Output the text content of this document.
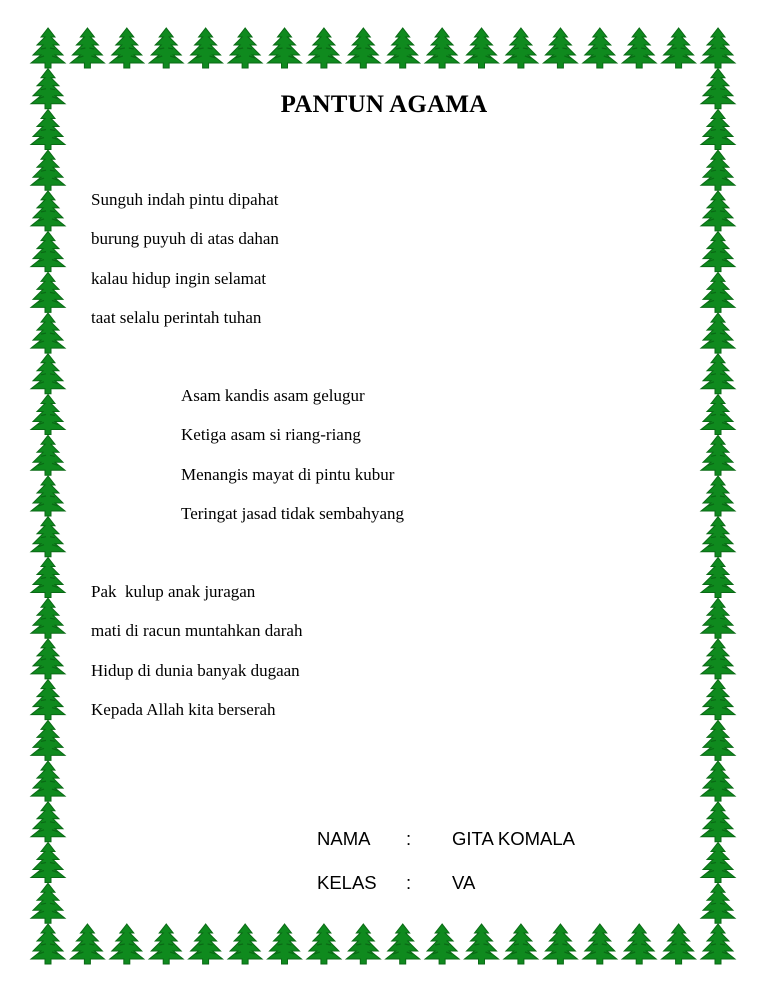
PANTUN AGAMA
Sunguh indah pintu dipahat
burung puyuh di atas dahan
kalau hidup ingin selamat
taat selalu perintah tuhan
Asam kandis asam gelugur
Ketiga asam si riang-riang
Menangis mayat di pintu kubur
Teringat jasad tidak sembahyang
Pak  kulup anak juragan
mati di racun muntahkan darah
Hidup di dunia banyak dugaan
Kepada Allah kita berserah
NAMA : GITA KOMALA
KELAS : VA
